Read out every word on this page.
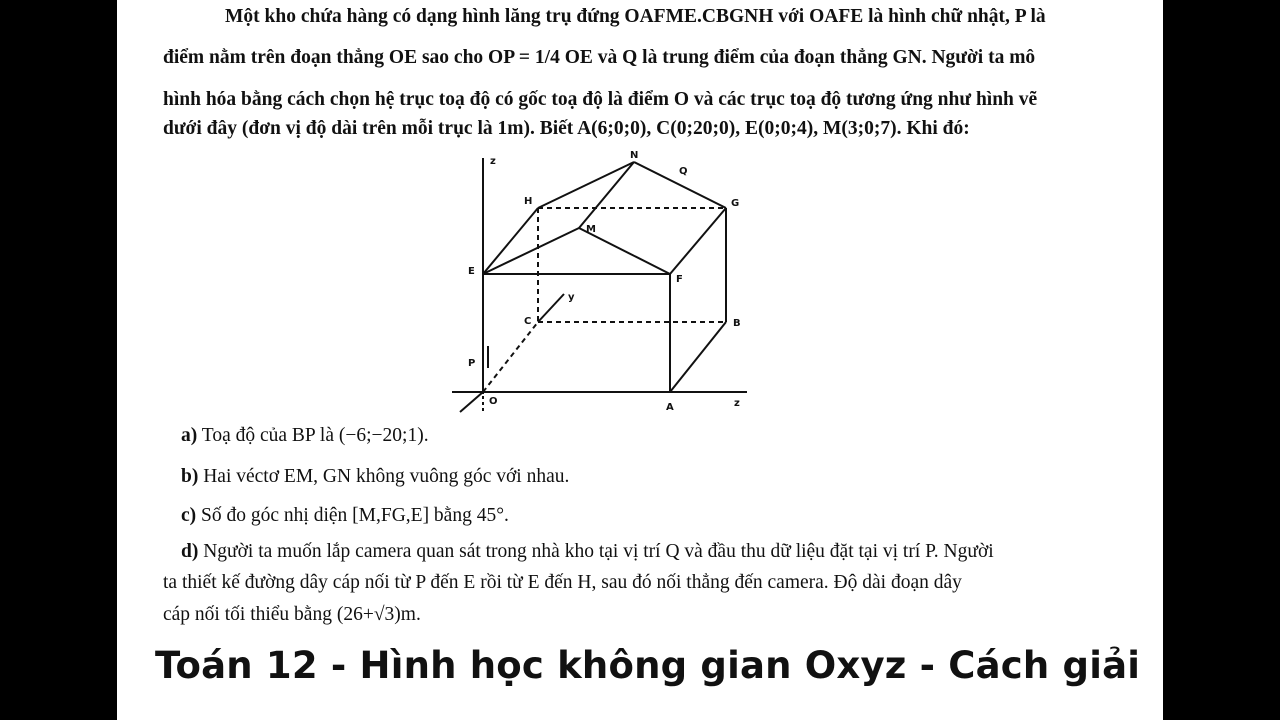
Một kho chứa hàng có dạng hình lăng trụ đứng OAFME.CBGNH với OAFE là hình chữ nhật, P là
điểm nằm trên đoạn thẳng OE sao cho OP = 1/4 OE và Q là trung điểm của đoạn thẳng GN. Người ta mô
hình hóa bằng cách chọn hệ trục toạ độ có gốc toạ độ là điểm O và các trục toạ độ tương ứng như hình vẽ
dưới đây (đơn vị độ dài trên mỗi trục là 1m). Biết A(6;0;0), C(0;20;0), E(0;0;4), M(3;0;7). Khi đó:
z
N
Q
H	G
M
E
F
y
C	B
P
O
A	z
a) Toạ độ của BP là (−6;−20;1).
b) Hai véctơ EM, GN không vuông góc với nhau.
c) Số đo góc nhị diện [M,FG,E] bằng 45°.
d) Người ta muốn lắp camera quan sát trong nhà kho tại vị trí Q và đầu thu dữ liệu đặt tại vị trí P. Người
ta thiết kế đường dây cáp nối từ P đến E rồi từ E đến H, sau đó nối thẳng đến camera. Độ dài đoạn dây
cáp nối tối thiểu bằng (26+√3)m.
Toán 12 - Hình học không gian Oxyz - Cách giải
